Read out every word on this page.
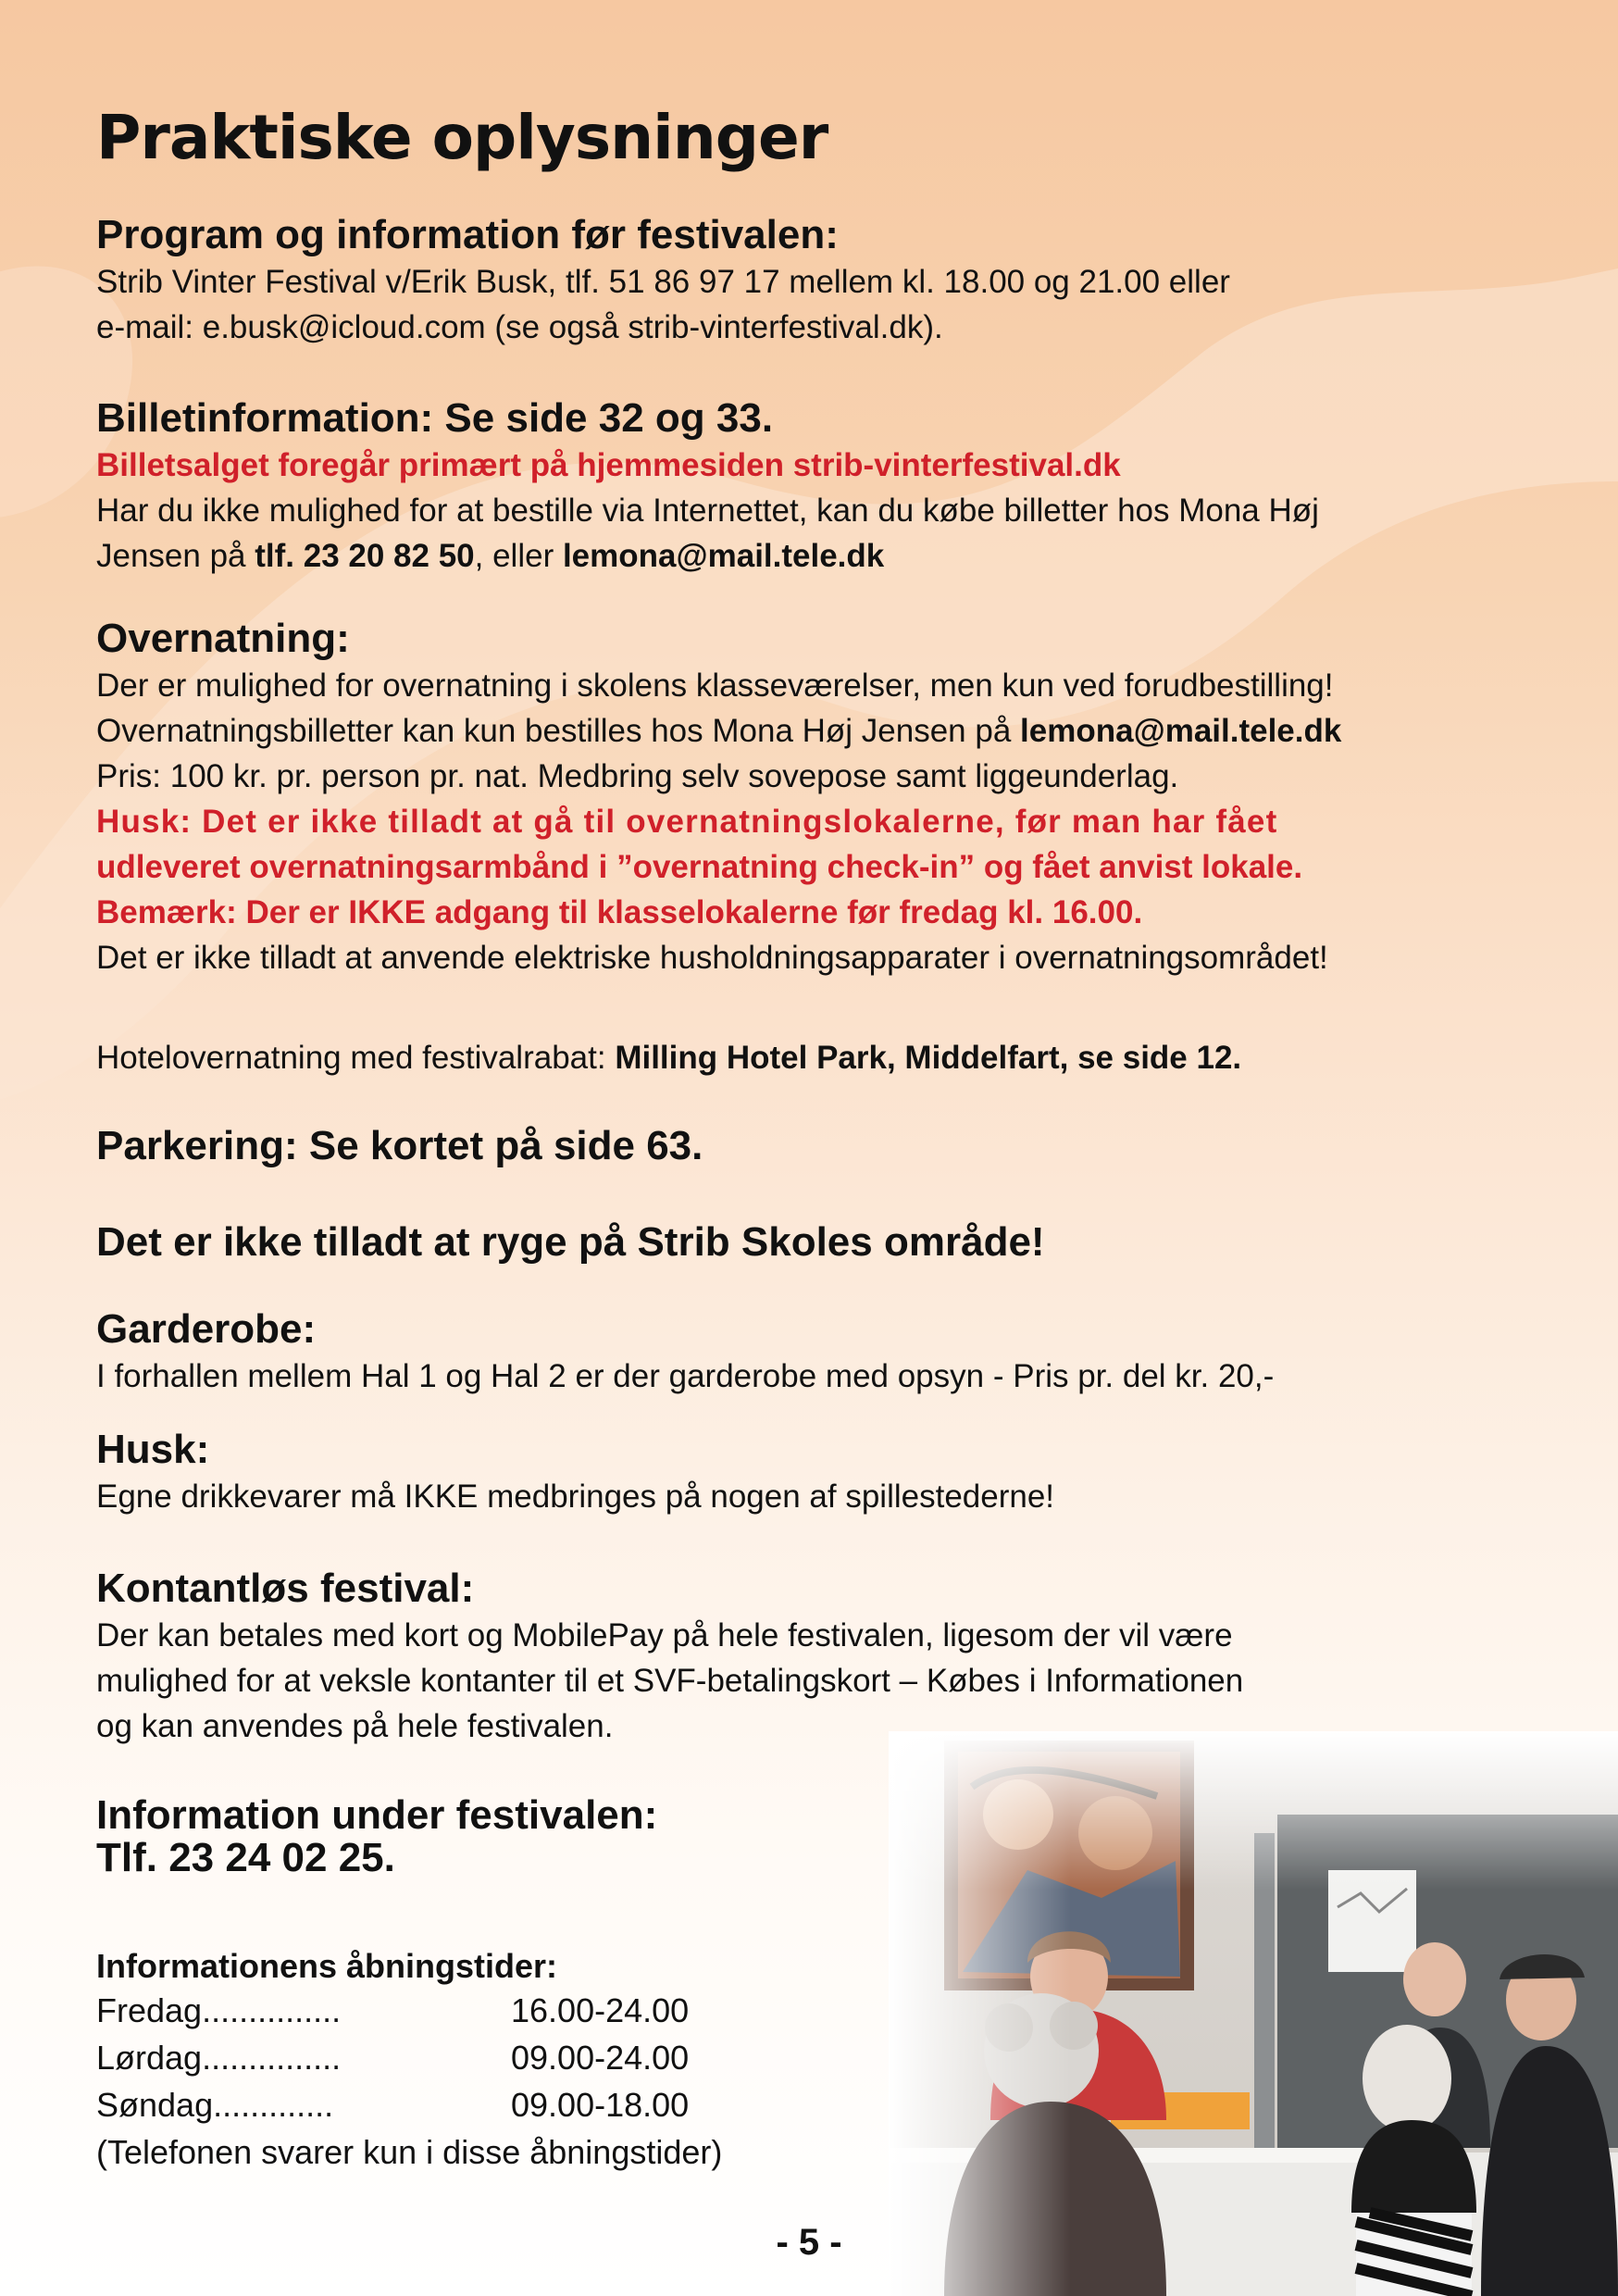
Praktiske oplysninger
Program og information før festivalen:
Strib Vinter Festival v/Erik Busk, tlf. 51 86 97 17 mellem kl. 18.00 og 21.00 eller
e-mail: e.busk@icloud.com (se også strib-vinterfestival.dk).
Billetinformation: Se side 32 og 33.
Billetsalget foregår primært på hjemmesiden strib-vinterfestival.dk
Har du ikke mulighed for at bestille via Internettet, kan du købe billetter hos Mona Høj
Jensen på tlf. 23 20 82 50, eller lemona@mail.tele.dk
Overnatning:
Der er mulighed for overnatning i skolens klasseværelser, men kun ved forudbestilling!
Overnatningsbilletter kan kun bestilles hos Mona Høj Jensen på lemona@mail.tele.dk
Pris: 100 kr. pr. person pr. nat. Medbring selv sovepose samt liggeunderlag.
Husk: Det er ikke tilladt at gå til overnatningslokalerne, før man har fået
udleveret overnatningsarmbånd i ”overnatning check-in” og fået anvist lokale.
Bemærk: Der er IKKE adgang til klasselokalerne før fredag kl. 16.00.
Det er ikke tilladt at anvende elektriske husholdningsapparater i overnatningsområdet!
Hotelovernatning med festivalrabat: Milling Hotel Park, Middelfart, se side 12.
Parkering: Se kortet på side 63.
Det er ikke tilladt at ryge på Strib Skoles område!
Garderobe:
I forhallen mellem Hal 1 og Hal 2 er der garderobe med opsyn - Pris pr. del kr. 20,-
Husk:
Egne drikkevarer må IKKE medbringes på nogen af spillestederne!
Kontantløs festival:
Der kan betales med kort og MobilePay på hele festivalen, ligesom der vil være
mulighed for at veksle kontanter til et SVF-betalingskort – Købes i Informationen
og kan anvendes på hele festivalen.
Information under festivalen:
Tlf. 23 24 02 25.
Informationens åbningstider:
Fredag...............	16.00-24.00
Lørdag...............	09.00-24.00
Søndag.............	09.00-18.00
(Telefonen svarer kun i disse åbningstider)
- 5 -
